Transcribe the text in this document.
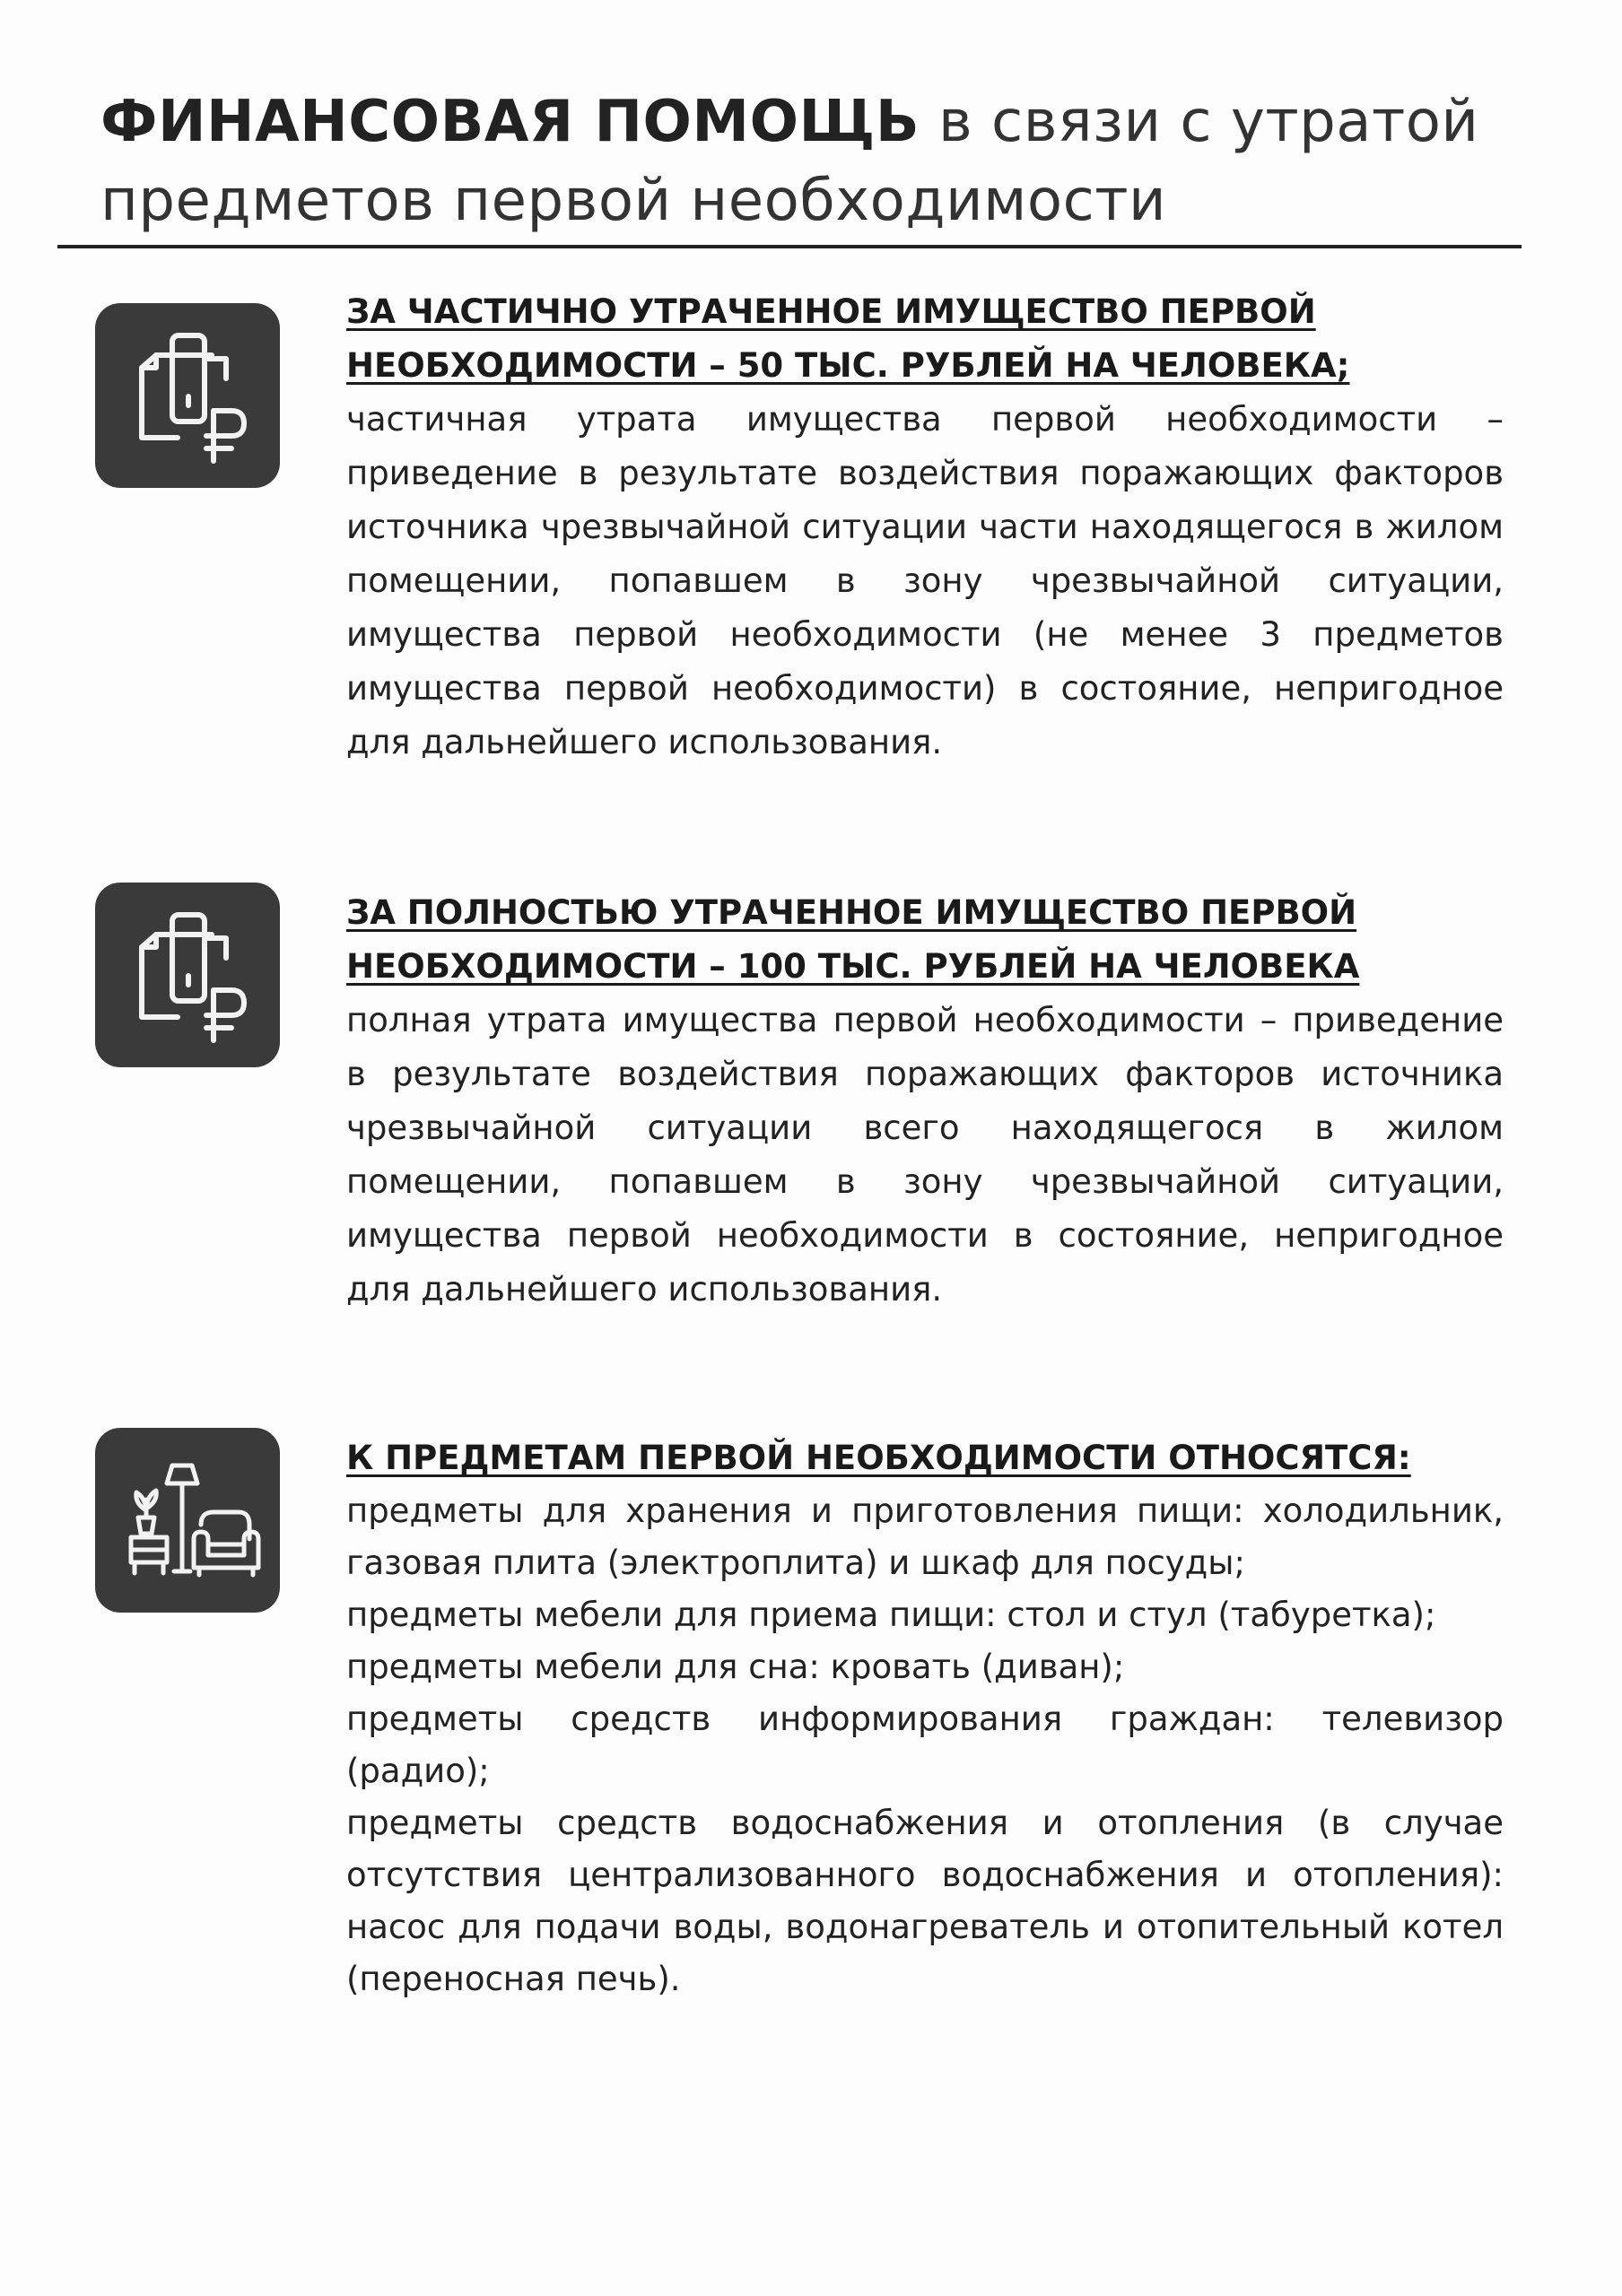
ФИНАНСОВАЯ ПОМОЩЬ в связи с утратой предметов первой необходимости
ЗА ЧАСТИЧНО УТРАЧЕННОЕ ИМУЩЕСТВО ПЕРВОЙ НЕОБХОДИМОСТИ – 50 ТЫС. РУБЛЕЙ НА ЧЕЛОВЕКА;
частичная утрата имущества первой необходимости – приведение в результате воздействия поражающих факторов источника чрезвычайной ситуации части находящегося в жилом помещении, попавшем в зону чрезвычайной ситуации, имущества первой необходимости (не менее 3 предметов имущества первой необходимости) в состояние, непригодное для дальнейшего использования.
ЗА ПОЛНОСТЬЮ УТРАЧЕННОЕ ИМУЩЕСТВО ПЕРВОЙ НЕОБХОДИМОСТИ – 100 ТЫС. РУБЛЕЙ НА ЧЕЛОВЕКА
полная утрата имущества первой необходимости – приведение в результате воздействия поражающих факторов источника чрезвычайной ситуации всего находящегося в жилом помещении, попавшем в зону чрезвычайной ситуации, имущества первой необходимости в состояние, непригодное для дальнейшего использования.
К ПРЕДМЕТАМ ПЕРВОЙ НЕОБХОДИМОСТИ ОТНОСЯТСЯ:
предметы для хранения и приготовления пищи: холодильник, газовая плита (электроплита) и шкаф для посуды;
предметы мебели для приема пищи: стол и стул (табуретка);
предметы мебели для сна: кровать (диван);
предметы средств информирования граждан: телевизор (радио);
предметы средств водоснабжения и отопления (в случае отсутствия централизованного водоснабжения и отопления): насос для подачи воды, водонагреватель и отопительный котел (переносная печь).
